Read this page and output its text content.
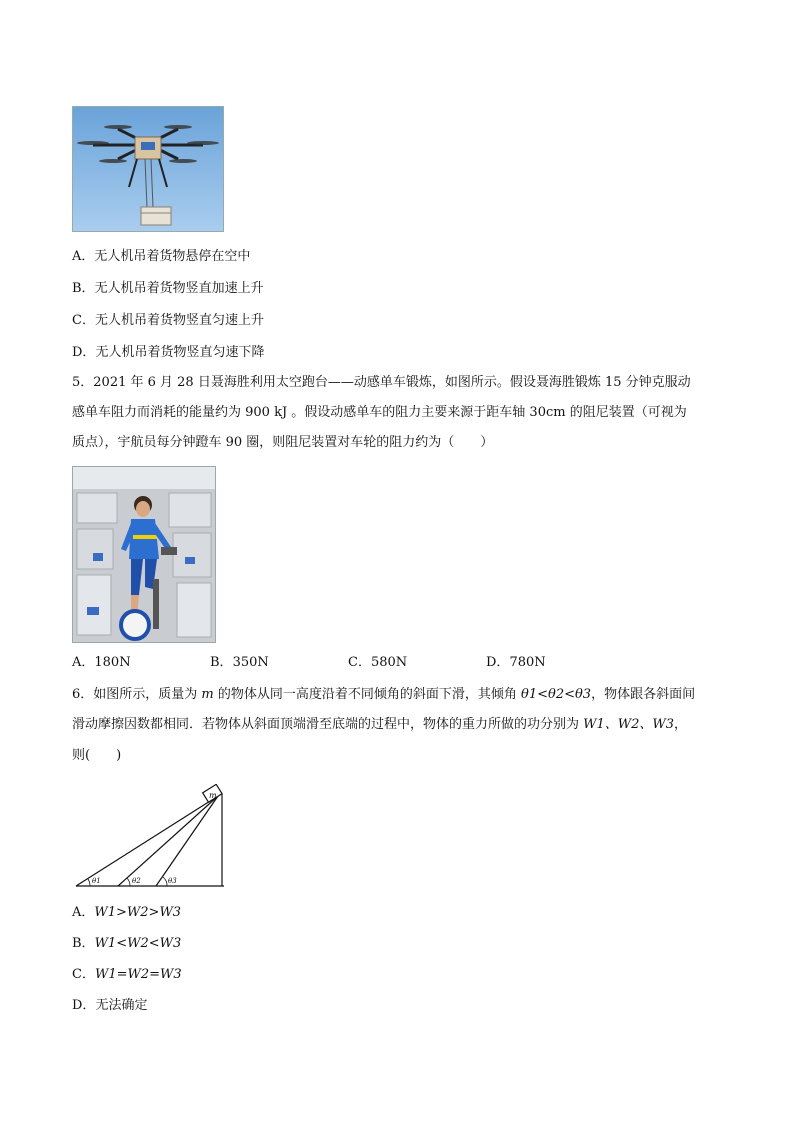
A．无人机吊着货物悬停在空中
B．无人机吊着货物竖直加速上升
C．无人机吊着货物竖直匀速上升
D．无人机吊着货物竖直匀速下降
5．2021 年 6 月 28 日聂海胜利用太空跑台——动感单车锻炼，如图所示。假设聂海胜锻炼 15 分钟克服动
感单车阻力而消耗的能量约为 900 kJ 。假设动感单车的阻力主要来源于距车轴 30cm 的阻尼装置（可视为
质点），宇航员每分钟蹬车 90 圈，则阻尼装置对车轮的阻力约为（　　）
A．180N	B．350N	C．580N	D．780N
6．如图所示，质量为 m 的物体从同一高度沿着不同倾角的斜面下滑，其倾角 θ1<θ2<θ3，物体跟各斜面间
滑动摩擦因数都相同．若物体从斜面顶端滑至底端的过程中，物体的重力所做的功分别为 W1、W2、W3，
则(　　)
m
θ1	θ2	θ3
A．W1>W2>W3
B．W1<W2<W3
C．W1=W2=W3
D．无法确定
